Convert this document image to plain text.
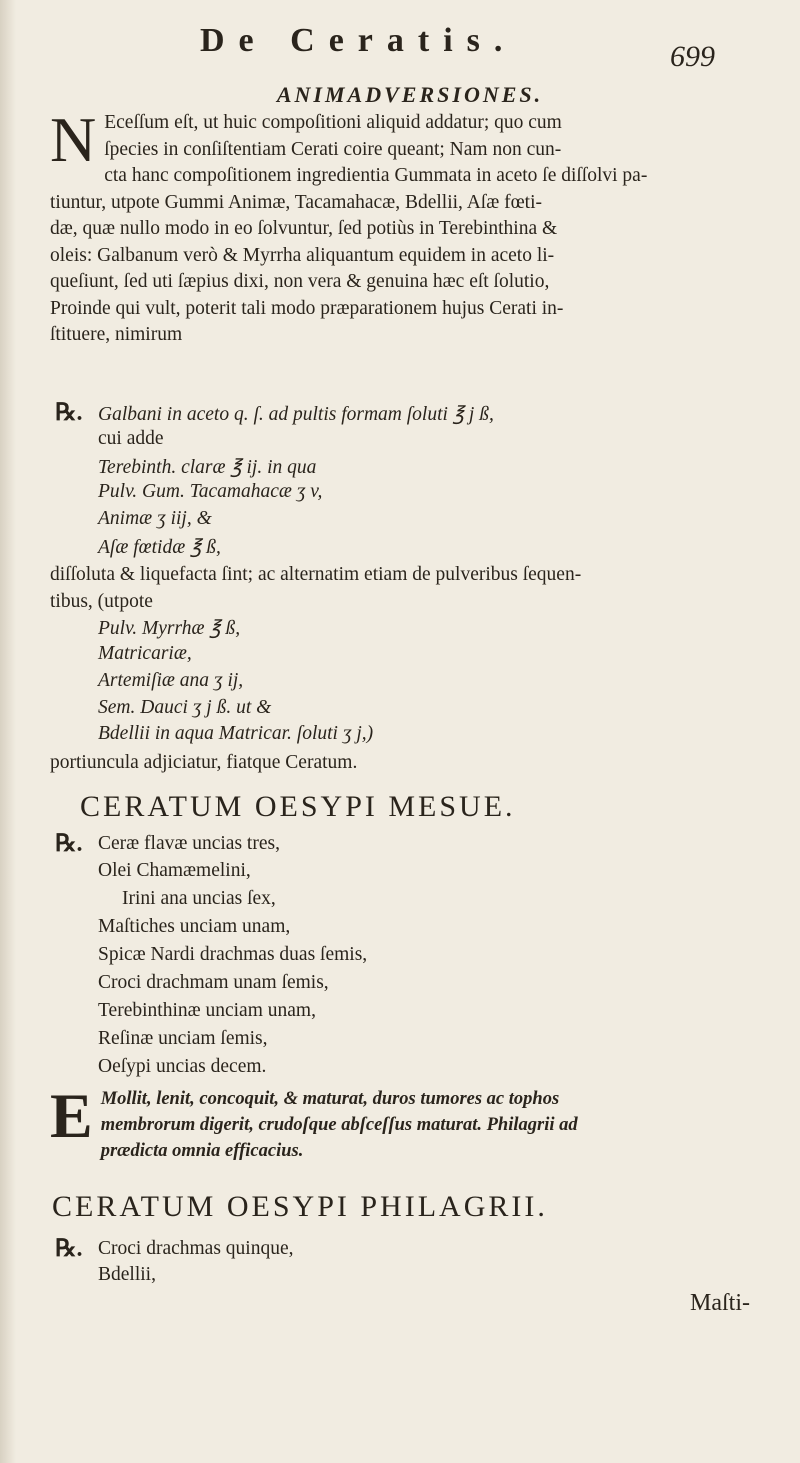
De Ceratis.	699
ANIMADVERSIONES.
N Eceſſum eſt, ut huic compoſitioni aliquid addatur; quo cum
ſpecies in conſiſtentiam Cerati coire queant; Nam non cun-
cta hanc compoſitionem ingredientia Gummata in aceto ſe diſſolvi pa-
tiuntur, utpote Gummi Animæ, Tacamahacæ, Bdellii, Aſæ fœti-
dæ, quæ nullo modo in eo ſolvuntur, ſed potiùs in Terebinthina &
oleis: Galbanum verò & Myrrha aliquantum equidem in aceto li-
queſiunt, ſed uti ſæpius dixi, non vera & genuina hæc eſt ſolutio,
Proinde qui vult, poterit tali modo præparationem hujus Cerati in-
ſtituere, nimirum
℞. Galbani in aceto q. ſ. ad pultis formam ſoluti ℥ j ß,
cui adde
Terebinth. claræ ℥ ij. in qua
Pulv. Gum. Tacamahacæ ʒ v,
Animæ ʒ iij, &
Aſæ fœtidæ ℥ ß,
diſſoluta & liquefacta ſint; ac alternatim etiam de pulveribus ſequen-
tibus, (utpote
Pulv. Myrrhæ ℥ ß,
Matricariæ,
Artemiſiæ ana ʒ ij,
Sem. Dauci ʒ j ß. ut &
Bdellii in aqua Matricar. ſoluti ʒ j,)
portiuncula adjiciatur, fiatque Ceratum.
CERATUM OESYPI MESUE.
℞. Ceræ flavæ uncias tres,
Olei Chamæmelini,
Irini ana uncias ſex,
Maſtiches unciam unam,
Spicæ Nardi drachmas duas ſemis,
Croci drachmam unam ſemis,
Terebinthinæ unciam unam,
Reſinæ unciam ſemis,
Oeſypi uncias decem.
E Mollit, lenit, concoquit, & maturat, duros tumores ac tophos
membrorum digerit, crudoſque abſceſſus maturat. Philagrii ad
prædicta omnia efficacius.
CERATUM OESYPI PHILAGRII.
℞. Croci drachmas quinque,
Bdellii,
Maſti-
